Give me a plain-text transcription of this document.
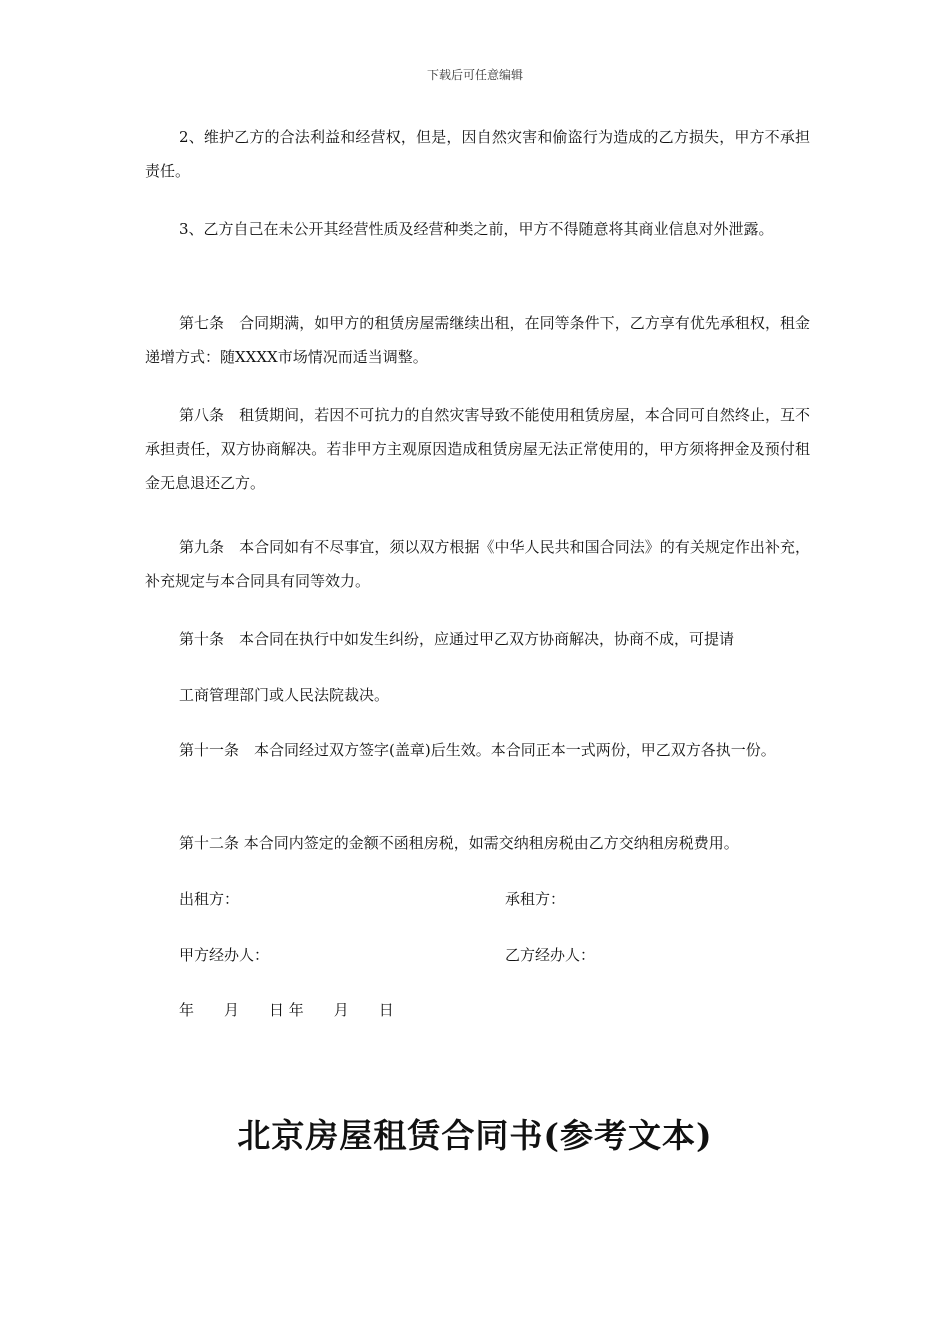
下载后可任意编辑

2、维护乙方的合法利益和经营权，但是，因自然灾害和偷盗行为造成的乙方损失，甲方不承担责任。

3、乙方自己在未公开其经营性质及经营种类之前，甲方不得随意将其商业信息对外泄露。

第七条　合同期满，如甲方的租赁房屋需继续出租，在同等条件下，乙方享有优先承租权，租金递增方式：随XXXX市场情况而适当调整。

第八条　租赁期间，若因不可抗力的自然灾害导致不能使用租赁房屋，本合同可自然终止，互不承担责任，双方协商解决。若非甲方主观原因造成租赁房屋无法正常使用的，甲方须将押金及预付租金无息退还乙方。

第九条　本合同如有不尽事宜，须以双方根据《中华人民共和国合同法》的有关规定作出补充，补充规定与本合同具有同等效力。

第十条　本合同在执行中如发生纠纷，应通过甲乙双方协商解决，协商不成，可提请

工商管理部门或人民法院裁决。

第十一条　本合同经过双方签字(盖章)后生效。本合同正本一式两份，甲乙双方各执一份。

第十二条 本合同内签定的金额不函租房税，如需交纳租房税由乙方交纳租房税费用。

出租方：	承租方：
甲方经办人：	乙方经办人：
年　　月　　日 年　　月　　日
北京房屋租赁合同书(参考文本)
